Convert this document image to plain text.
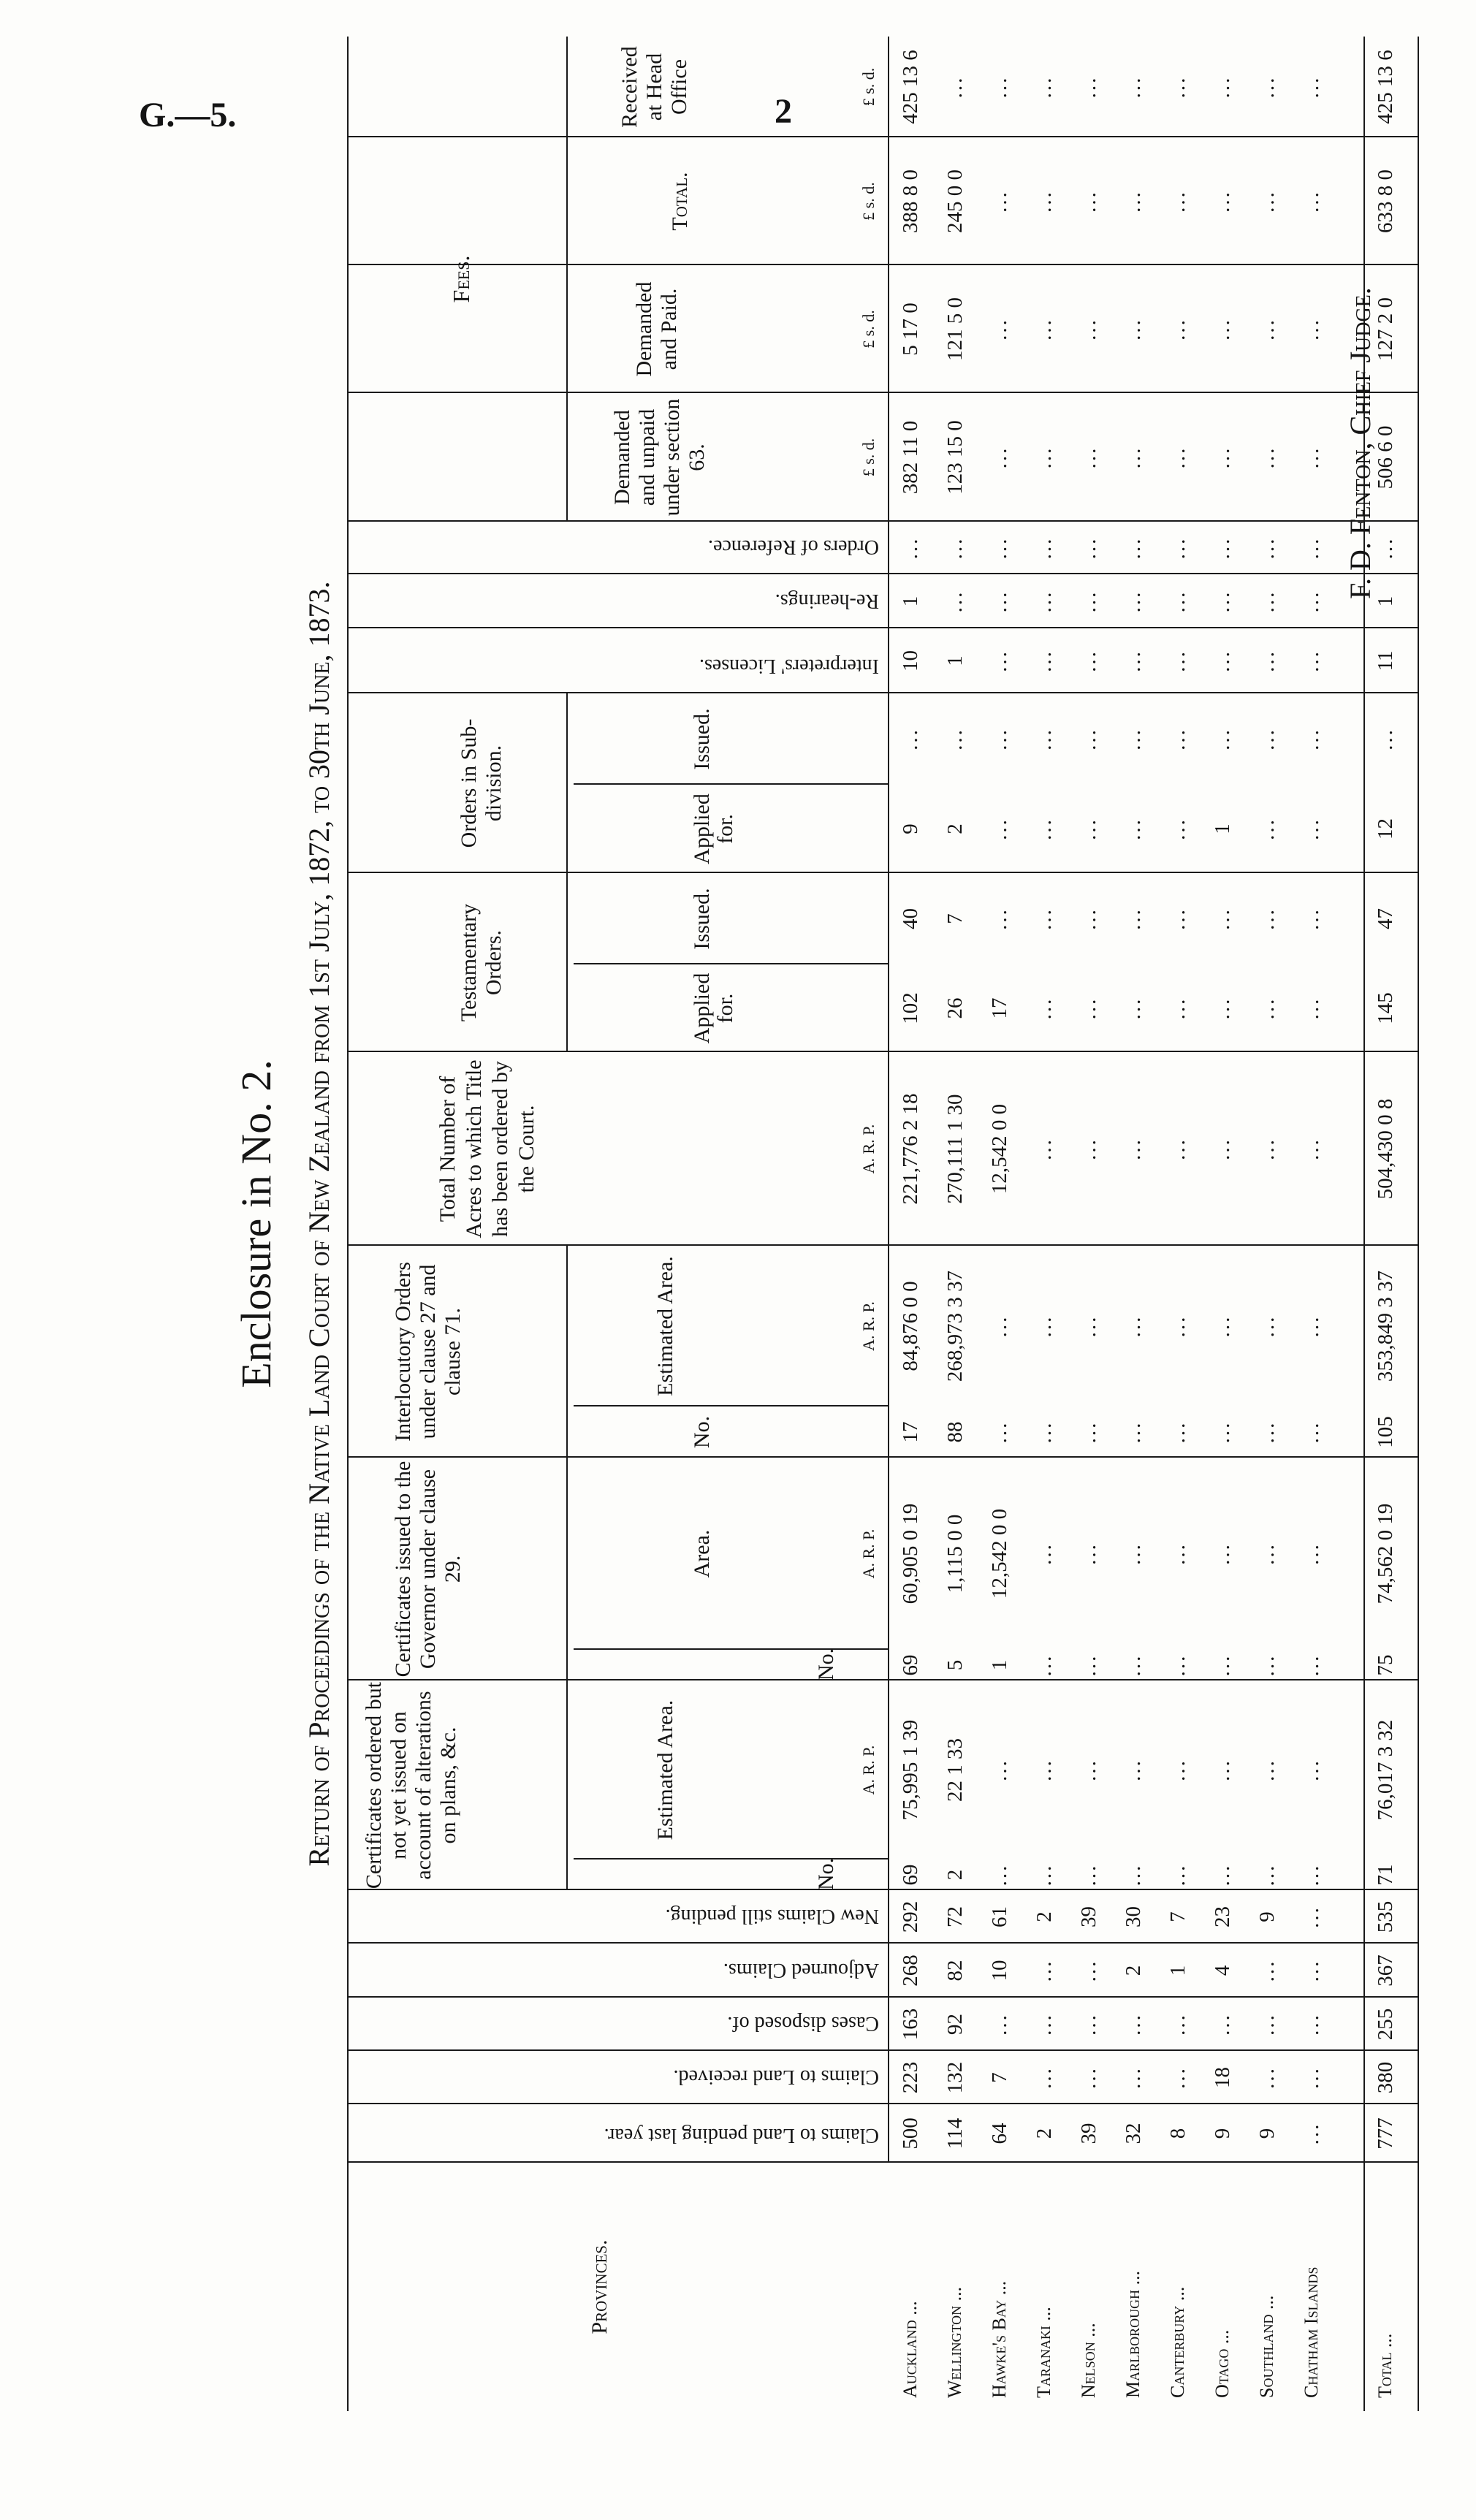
G.—5.	2
Enclosure in No. 2. Return of Proceedings of the Native Land Court of New Zealand from 1st July, 1872, to 30th June, 1873.
Provinces.
Claims to Land pending last year.
Claims to Land received.
Cases disposed of.
Adjourned Claims.
New Claims still pending.
Interpreters' Licenses.
Re-hearings.
Orders of Reference.
Certificates ordered but not yet issued on account of alterations on plans, &c.
Certificates issued to the Governor under clause 29.
Interlocutory Orders under clause 27 and clause 71.
Total Number of Acres to which Title has been ordered by the Court.
Testamentary Orders.
Orders in Sub-division.
Fees.
No.
Estimated Area.
No.
Area.
No.
Estimated Area.
Applied for.
Issued.
Applied for.
Issued.
Demanded and unpaid under section 63.
Demanded and Paid.
Total.
Received at Head Office
A. R. P.
A. R. P.
A. R. P.
A. R. P.
£ s. d.
£ s. d.
£ s. d.
£ s. d.
Auckland ...
500
223
163
268
292
69
75,995 1 39
69
60,905 0 19
17
84,876 0 0
221,776 2 18
102
40
9
...
10
1
...
382 11 0
5 17 0
388 8 0
425 13 6
Wellington ...
114
132
92
82
72
2
22 1 33
5
1,115 0 0
88
268,973 3 37
270,111 1 30
26
7
2
...
1
...
...
123 15 0
121 5 0
245 0 0
...
Hawke's Bay ...
64
7
...
10
61
...
...
1
12,542 0 0
...
...
12,542 0 0
17
...
...
...
...
...
...
...
...
...
...
Taranaki ...
2
...
...
...
2
...
...
...
...
...
...
...
...
...
...
...
...
...
...
...
...
...
...
Nelson ...
39
...
...
...
39
...
...
...
...
...
...
...
...
...
...
...
...
...
...
...
...
...
...
Marlborough ...
32
...
...
2
30
...
...
...
...
...
...
...
...
...
...
...
...
...
...
...
...
...
...
Canterbury ...
8
...
...
1
7
...
...
...
...
...
...
...
...
...
...
...
...
...
...
...
...
...
...
Otago ...
9
18
...
4
23
...
...
...
...
...
...
...
...
...
1
...
...
...
...
...
...
...
...
Southland ...
9
...
...
...
9
...
...
...
...
...
...
...
...
...
...
...
...
...
...
...
...
...
...
Chatham Islands
...
...
...
...
...
...
...
...
...
...
...
...
...
...
...
...
...
...
...
...
...
...
...
Total ...
777
380
255
367
535
71
76,017 3 32
75
74,562 0 19
105
353,849 3 37
504,430 0 8
145
47
12
...
11
1
...
506 6 0
127 2 0
633 8 0
425 13 6
F. D. Fenton, Chief Judge.
